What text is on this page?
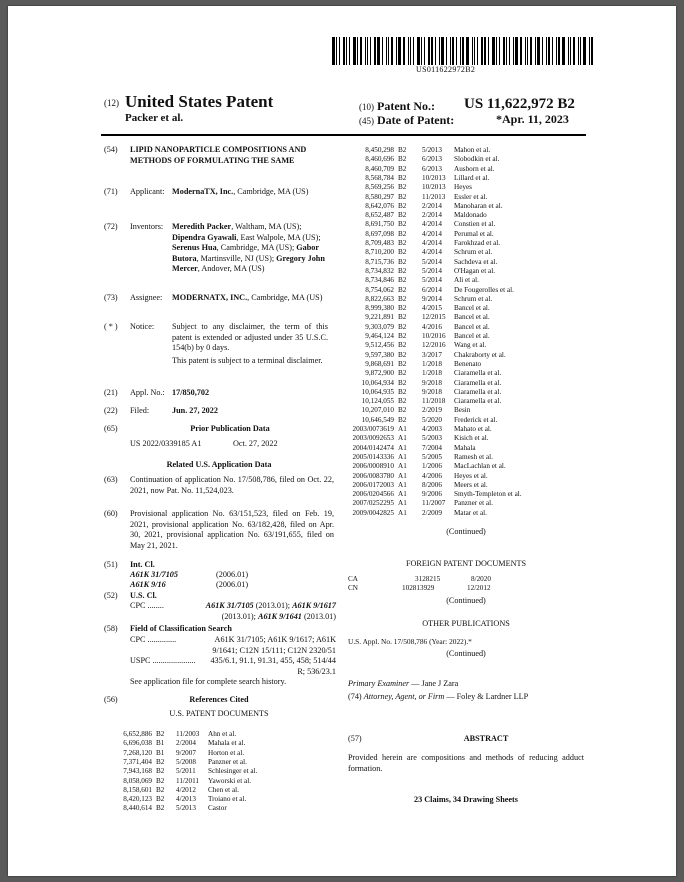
US011622972B2
(12) United States Patent
Packer et al.
(10) Patent No.: US 11,622,972 B2
(45) Date of Patent:	*Apr. 11, 2023
(54) LIPID NANOPARTICLE COMPOSITIONS AND METHODS OF FORMULATING THE SAME
(71) Applicant: ModernaTX, Inc., Cambridge, MA (US)
(72) Inventors: Meredith Packer, Waltham, MA (US); Dipendra Gyawali, East Walpole, MA (US); Serenus Hua, Cambridge, MA (US); Gabor Butora, Martinsville, NJ (US); Gregory John Mercer, Andover, MA (US)
(73) Assignee: MODERNATX, INC., Cambridge, MA (US)
( * ) Notice: Subject to any disclaimer, the term of this patent is extended or adjusted under 35 U.S.C. 154(b) by 0 days.
This patent is subject to a terminal disclaimer.
(21) Appl. No.: 17/850,702
(22) Filed:	Jun. 27, 2022
(65)	Prior Publication Data
US 2022/0339185 A1	Oct. 27, 2022
Related U.S. Application Data
(63) Continuation of application No. 17/508,786, filed on Oct. 22, 2021, now Pat. No. 11,524,023.
(60) Provisional application No. 63/151,523, filed on Feb. 19, 2021, provisional application No. 63/182,428, filed on Apr. 30, 2021, provisional application No. 63/191,655, filed on May 21, 2021.
(51) Int. Cl.
A61K 31/7105	(2006.01)
A61K 9/16	(2006.01)
(52) U.S. Cl.
CPC ........	A61K 31/7105 (2013.01); A61K 9/1617 (2013.01); A61K 9/1641 (2013.01)
(58) Field of Classification Search
CPC ..............	A61K 31/7105; A61K 9/1617; A61K 9/1641; C12N 15/111; C12N 2320/51
USPC ..................... 435/6.1, 91.1, 91.31, 455, 458; 514/44 R; 536/23.1
See application file for complete search history.
(56)	References Cited
U.S. PATENT DOCUMENTS
6,652,886 B2 11/2003 Ahn et al.
6,696,038 B1 2/2004 Mahala et al.
7,268,120 B1 9/2007 Horton et al.
7,371,404 B2 5/2008 Panzner et al.
7,943,168 B2 5/2011 Schlesinger et al.
8,058,069 B2 11/2011 Yaworski et al.
8,158,601 B2 4/2012 Chen et al.
8,420,123 B2 4/2013 Troiano et al.
8,440,614 B2 5/2013 Castor
8,450,298 B2 5/2013 Mahon et al.
8,460,696 B2 6/2013 Slobodkin et al.
8,460,709 B2 6/2013 Ausborn et al.
8,568,784 B2 10/2013 Lillard et al.
8,569,256 B2 10/2013 Heyes
8,580,297 B2 11/2013 Essler et al.
8,642,076 B2 2/2014 Manoharan et al.
8,652,487 B2 2/2014 Maldonado
8,691,750 B2 4/2014 Constien et al.
8,697,098 B2 4/2014 Perumal et al.
8,709,483 B2 4/2014 Farokhzad et al.
8,710,200 B2 4/2014 Schrum et al.
8,715,736 B2 5/2014 Sachdeva et al.
8,734,832 B2 5/2014 O'Hagan et al.
8,734,846 B2 5/2014 Ali et al.
8,754,062 B2 6/2014 De Fougerolles et al.
8,822,663 B2 9/2014 Schrum et al.
8,999,380 B2 4/2015 Bancel et al.
9,221,891 B2 12/2015 Bancel et al.
9,303,079 B2 4/2016 Bancel et al.
9,464,124 B2 10/2016 Bancel et al.
9,512,456 B2 12/2016 Wang et al.
9,597,380 B2 3/2017 Chakraborty et al.
9,868,691 B2 1/2018 Benenato
9,872,900 B2 1/2018 Ciaramella et al.
10,064,934 B2 9/2018 Ciaramella et al.
10,064,935 B2 9/2018 Ciaramella et al.
10,124,055 B2 11/2018 Ciaramella et al.
10,207,010 B2 2/2019 Besin
10,646,549 B2 5/2020 Frederick et al.
2003/0073619 A1 4/2003 Mahato et al.
2003/0092653 A1 5/2003 Kisich et al.
2004/0142474 A1 7/2004 Mahala
2005/0143336 A1 5/2005 Ramesh et al.
2006/0008910 A1 1/2006 MacLachlan et al.
2006/0083780 A1 4/2006 Heyes et al.
2006/0172003 A1 8/2006 Meers et al.
2006/0204566 A1 9/2006 Smyth-Templeton et al.
2007/0252295 A1 11/2007 Panzner et al.
2009/0042825 A1 2/2009 Matar et al.
(Continued)
FOREIGN PATENT DOCUMENTS
CA	3128215	8/2020
CN	102813929	12/2012
(Continued)
OTHER PUBLICATIONS
U.S. Appl. No. 17/508,786 (Year: 2022).*
(Continued)
Primary Examiner — Jane J Zara
(74) Attorney, Agent, or Firm — Foley & Lardner LLP
(57)	ABSTRACT
Provided herein are compositions and methods of reducing adduct formation.
23 Claims, 34 Drawing Sheets
